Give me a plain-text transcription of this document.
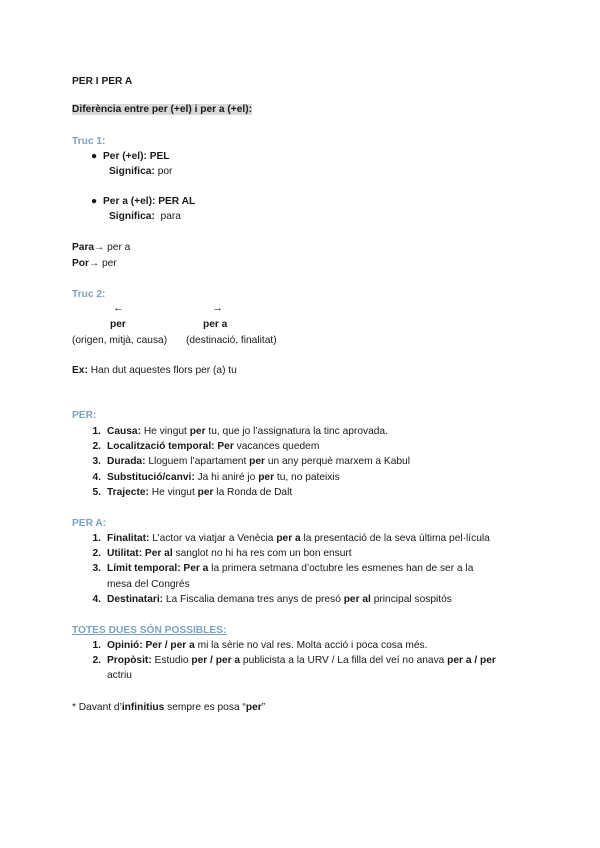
PER I PER A
Diferència entre per (+el) i per a (+el):
Truc 1:
● Per (+el): PEL
Significa: por
● Per a (+el): PER AL
Significa: para
Para→ per a
Por→ per
Truc 2:
←	→
per	per a
(origen, mitjà, causa) (destinació, finalitat)
Ex: Han dut aquestes flors per (a) tu
PER:
1. Causa: He vingut per tu, que jo l’assignatura la tinc aprovada.
2. Localització temporal: Per vacances quedem
3. Durada: Lloguem l’apartament per un any perquè marxem a Kabul
4. Substitució/canvi: Ja hi aniré jo per tu, no pateixis
5. Trajecte: He vingut per la Ronda de Dalt
PER A:
1. Finalitat: L’actor va viatjar a Venècia per a la presentació de la seva última pel·lícula
2. Utilitat: Per al sanglot no hi ha res com un bon ensurt
3. Límit temporal: Per a la primera setmana d’octubre les esmenes han de ser a la
mesa del Congrés
4. Destinatari: La Fiscalia demana tres anys de presó per al principal sospitós
TOTES DUES SÓN POSSIBLES:
1. Opinió: Per / per a mi la sèrie no val res. Molta acció i poca cosa més.
2. Propòsit: Estudio per / per a publicista a la URV / La filla del veí no anava per a / per
actriu
* Davant d’infinitius sempre es posa “per”
